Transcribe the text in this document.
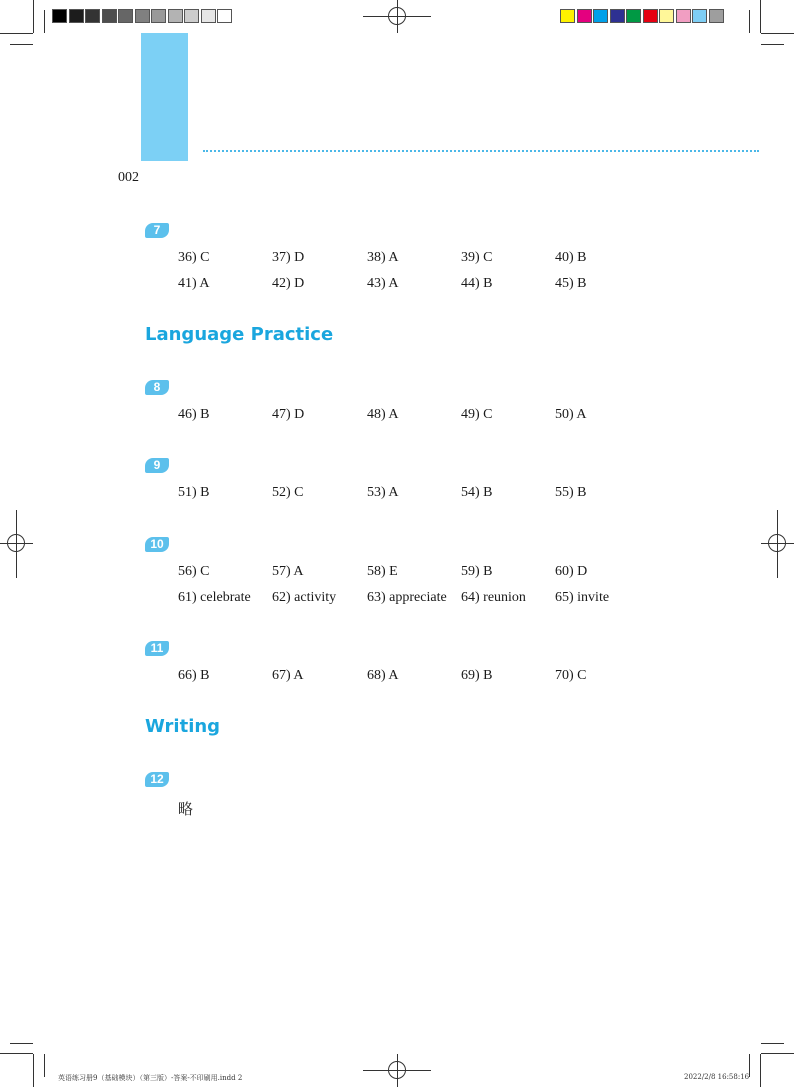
002
7
36) C	37) D	38) A	39) C	40) B
41) A	42) D	43) A	44) B	45) B
Language Practice
8
46) B	47) D	48) A	49) C	50) A
9
51) B	52) C	53) A	54) B	55) B
10
56) C	57) A	58) E	59) B	60) D
61) celebrate 62) activity 63) appreciate 64) reunion 65) invite
11
66) B	67) A	68) A	69) B	70) C
Writing
12
略
英语练习册9（基础模块）（第三版）-答案-不印刷用.indd 2	2022/2/8 16:58:16
